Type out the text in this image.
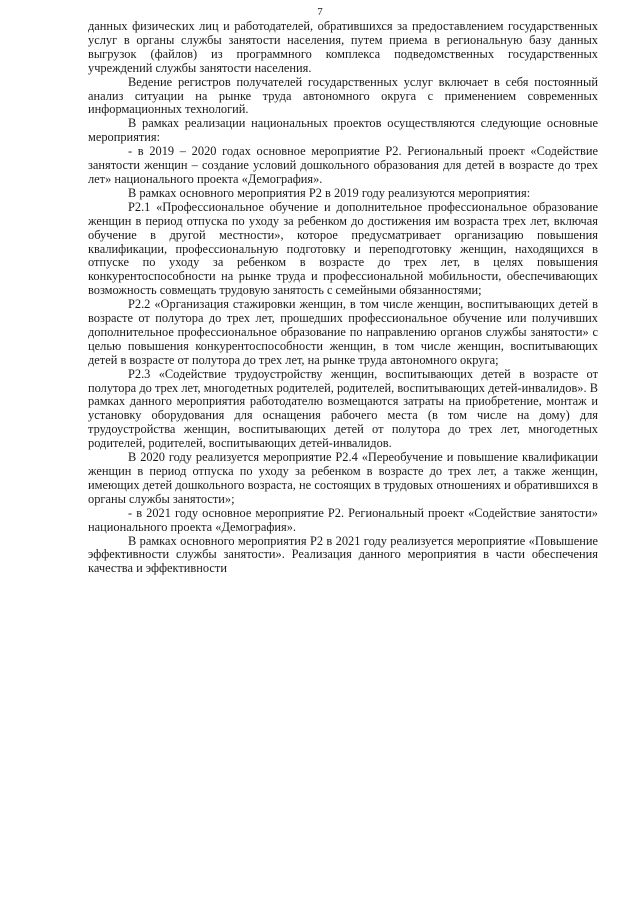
7

данных физических лиц и работодателей, обратившихся за предоставлением государственных услуг в органы службы занятости населения, путем приема в региональную базу данных выгрузок (файлов) из программного комплекса подведомственных государственных учреждений службы занятости населения.

Ведение регистров получателей государственных услуг включает в себя постоянный анализ ситуации на рынке труда автономного округа с применением современных информационных технологий.

В рамках реализации национальных проектов осуществляются следующие основные мероприятия:

- в 2019 – 2020 годах основное мероприятие Р2. Региональный проект «Содействие занятости женщин – создание условий дошкольного образования для детей в возрасте до трех лет» национального проекта «Демография».

В рамках основного мероприятия Р2 в 2019 году реализуются мероприятия:

Р2.1 «Профессиональное обучение и дополнительное профессиональное образование женщин в период отпуска по уходу за ребенком до достижения им возраста трех лет, включая обучение в другой местности», которое предусматривает организацию повышения квалификации, профессиональную подготовку и переподготовку женщин, находящихся в отпуске по уходу за ребенком в возрасте до трех лет, в целях повышения конкурентоспособности на рынке труда и профессиональной мобильности, обеспечивающих возможность совмещать трудовую занятость с семейными обязанностями;

Р2.2 «Организация стажировки женщин, в том числе женщин, воспитывающих детей в возрасте от полутора до трех лет, прошедших профессиональное обучение или получивших дополнительное профессиональное образование по направлению органов службы занятости» с целью повышения конкурентоспособности женщин, в том числе женщин, воспитывающих детей в возрасте от полутора до трех лет, на рынке труда автономного округа;

Р2.3 «Содействие трудоустройству женщин, воспитывающих детей в возрасте от полутора до трех лет, многодетных родителей, родителей, воспитывающих детей-инвалидов». В рамках данного мероприятия работодателю возмещаются затраты на приобретение, монтаж и установку оборудования для оснащения рабочего места (в том числе на дому) для трудоустройства женщин, воспитывающих детей от полутора до трех лет, многодетных родителей, родителей, воспитывающих детей-инвалидов.

В 2020 году реализуется мероприятие Р2.4 «Переобучение и повышение квалификации женщин в период отпуска по уходу за ребенком в возрасте до трех лет, а также женщин, имеющих детей дошкольного возраста, не состоящих в трудовых отношениях и обратившихся в органы службы занятости»;

- в 2021 году основное мероприятие Р2. Региональный проект «Содействие занятости» национального проекта «Демография».

В рамках основного мероприятия Р2 в 2021 году реализуется мероприятие «Повышение эффективности службы занятости». Реализация данного мероприятия в части обеспечения качества и эффективности
